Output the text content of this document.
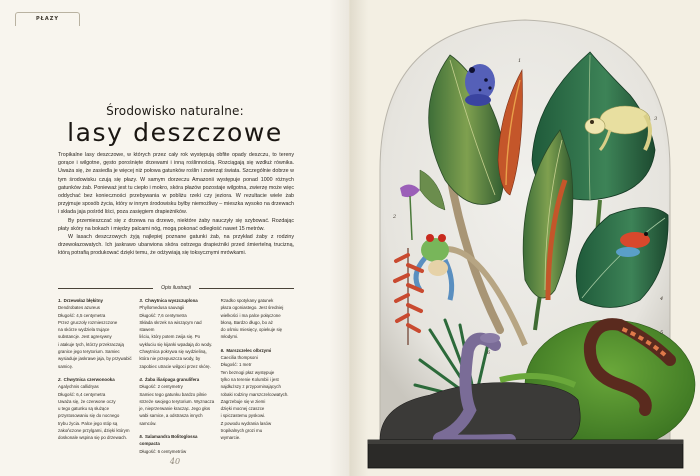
PŁAZY
Środowisko naturalne:
lasy deszczowe

Tropikalne lasy deszczowe, w których przez cały rok występują obfite opady deszczu, to tereny gorące i wilgotne, gęsto porośnięte drzewami i inną roślinnością. Rozciągają się wzdłuż równika. Uważa się, że zasiedla je więcej niż połowa gatunków roślin i zwierząt świata. Szczególnie dobrze w tym środowisku czują się płazy. W samym dorzeczu Amazonii występuje ponad 1000 różnych gatunków żab. Ponieważ jest tu ciepło i mokro, skóra płazów pozostaje wilgotna, zwierzę może więc oddychać bez konieczności przebywania w pobliżu rzeki czy jeziora. W rezultacie wiele żab przyjmuje sposób życia, który w innym środowisku byłby niemożliwy – mieszka wysoko na drzewach i składa jaja pośród liści, poza zasięgiem drapieżników.

By przemieszczać się z drzewa na drzewo, niektóre żaby nauczyły się szybować. Rozdając płaty skóry na bokach i między palcami nóg, mogą pokonać odległość nawet 15 metrów.

W lasach deszczowych żyją najlepiej poznane gatunki żab, na przykład żaby z rodziny drzewołazowatych. Ich jaskrawo ubarwiona skóra ostrzega drapieżniki przed śmiertelną trucizną, którą potrafią produkować dzięki temu, że odżywiają się toksycznymi mrówkami.

Opis ilustracji
1. Drzewołaz błękitny
Dendrobates azureus
Długość: 4,5 centymetra
Przez gruczoły rozmieszczone
na skórze wydziela trujące
substancje. Jest agresywny
i atakuje tych, którzy przekraczają
granice jego terytorium. Samiec
wysiaduje jaskrawe jaja, by przywabić samicę.
2. Chwytnica czerwonooka
Agalychnis callidryas
Długość: 6,4 centymetra
Uważa się, że czerwone oczy
u tego gatunku są służące
przystosowaniu się do nocnego
trybu życia. Palce jego stóp są
zakończone przylgami, dzięki którym
doskonale wspina się po drzewach.
3. Chwytnica wyszczuplona
Phyllomedusa sauvagii
Długość: 7,6 centymetra
Składa skrzek na wiszącym nad stawem
liściu, który potem zwija się. Po
wykluciu się kijanki wpadają do wody.
Chwytnica pokrywa się wydzieliną,
która nie przepuszcza wody, by
zapobiec utracie wilgoci przez skórę.
4. Żaba iliaśpaga granulifera
Długość: 2 centymetry
Samiec tego gatunku bardzo pilnie
strzeże swojego terytorium. Wyznacza
je, nieprzerwanie kracząc. Jego głos
wabi samice, a odstrasza innych
samców.
5. Salamandra Bolitoglossa compacta
Długość: 6 centymetrów
Rzadko spotykany gatunek
płaza ogoniastego. Jest średniej
wielkości i ma palce połączone
błoną. Bardzo długo, bo aż
do ośmiu miesięcy, opiekuje się
młodymi.
6. Marszczelec olbrzymi
Caecilia thompsoni
Długość: 1 metr
Ten beznogi płaz występuje
tylko na terenie Kolumbii i jest
najdłuższy z przypominających
robaki rodziny marszczelcowatych.
Zagrzebuje się w ziemi
dzięki mocnej czaszce
i spiczastemu pyskowi.
Z powodu wydrania lasów
tropikalnych grozi mu
wymarcie.
40
1
2
3
4
5
6
